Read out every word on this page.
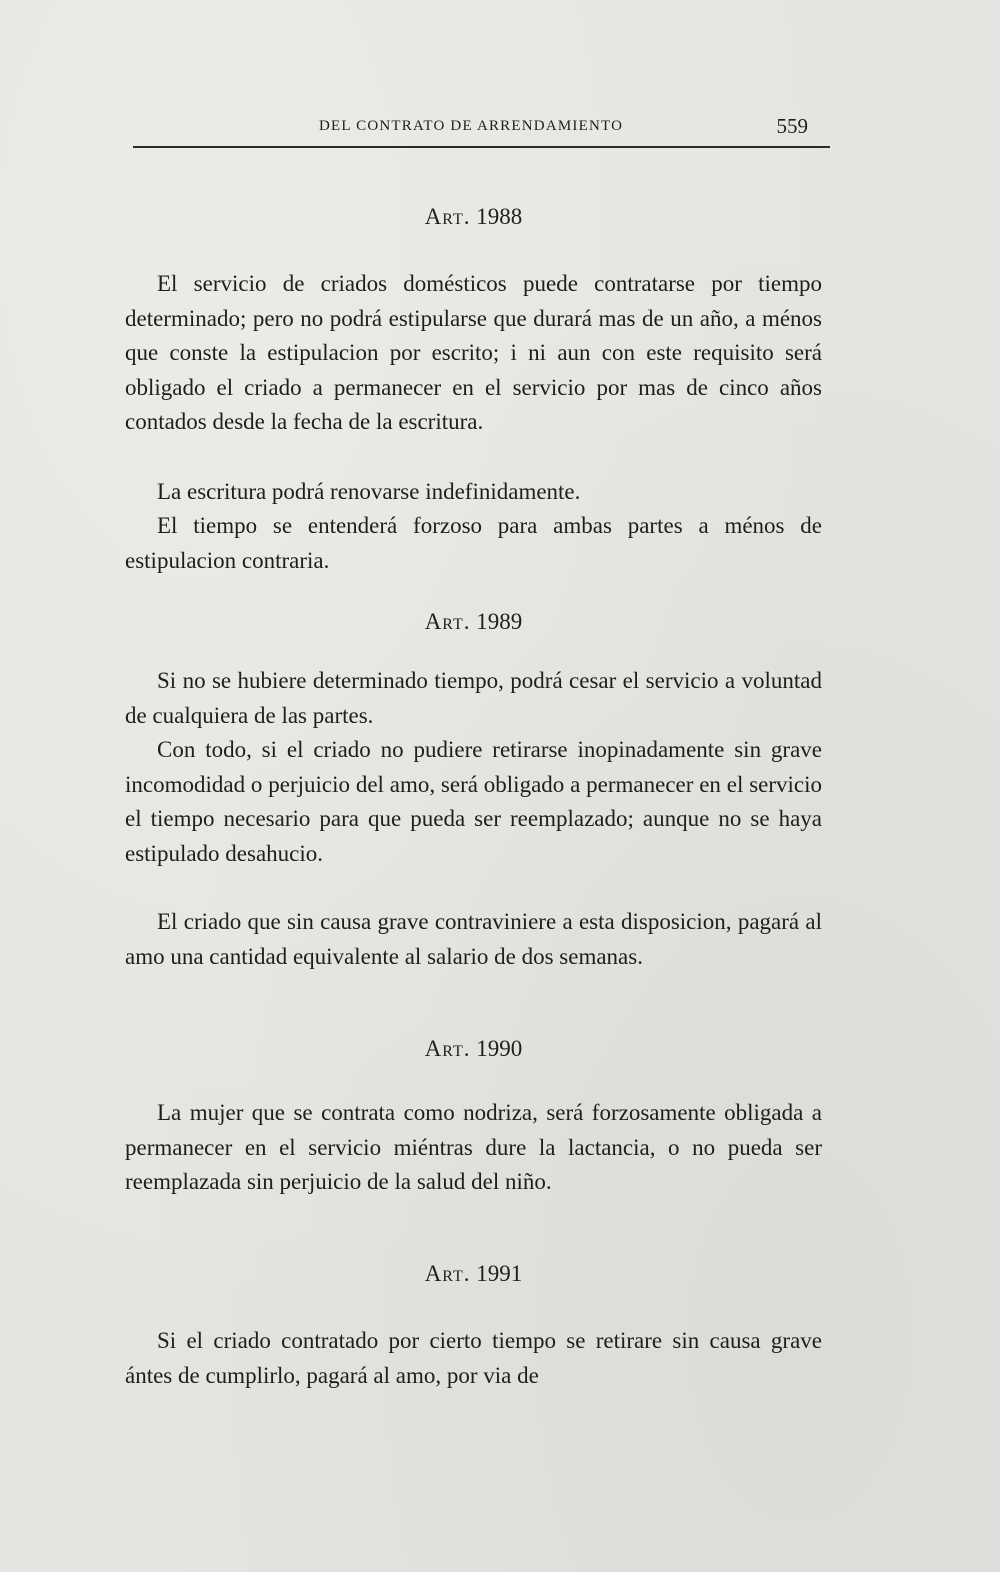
DEL CONTRATO DE ARRENDAMIENTO	559
Art. 1988

El servicio de criados domésticos puede contratarse por tiempo determinado; pero no podrá estipularse que durará mas de un año, a ménos que conste la estipulacion por escrito; i ni aun con este requisito será obligado el criado a permanecer en el servicio por mas de cinco años contados desde la fecha de la escritura.

La escritura podrá renovarse indefinidamente.

El tiempo se entenderá forzoso para ambas partes a ménos de estipulacion contraria.

Art. 1989

Si no se hubiere determinado tiempo, podrá cesar el servicio a voluntad de cualquiera de las partes.

Con todo, si el criado no pudiere retirarse inopinadamente sin grave incomodidad o perjuicio del amo, será obligado a permanecer en el servicio el tiempo necesario para que pueda ser reemplazado; aunque no se haya estipulado desahucio.

El criado que sin causa grave contraviniere a esta disposicion, pagará al amo una cantidad equivalente al salario de dos semanas.

Art. 1990

La mujer que se contrata como nodriza, será forzosamente obligada a permanecer en el servicio miéntras dure la lactancia, o no pueda ser reemplazada sin perjuicio de la salud del niño.

Art. 1991

Si el criado contratado por cierto tiempo se retirare sin causa grave ántes de cumplirlo, pagará al amo, por via de
